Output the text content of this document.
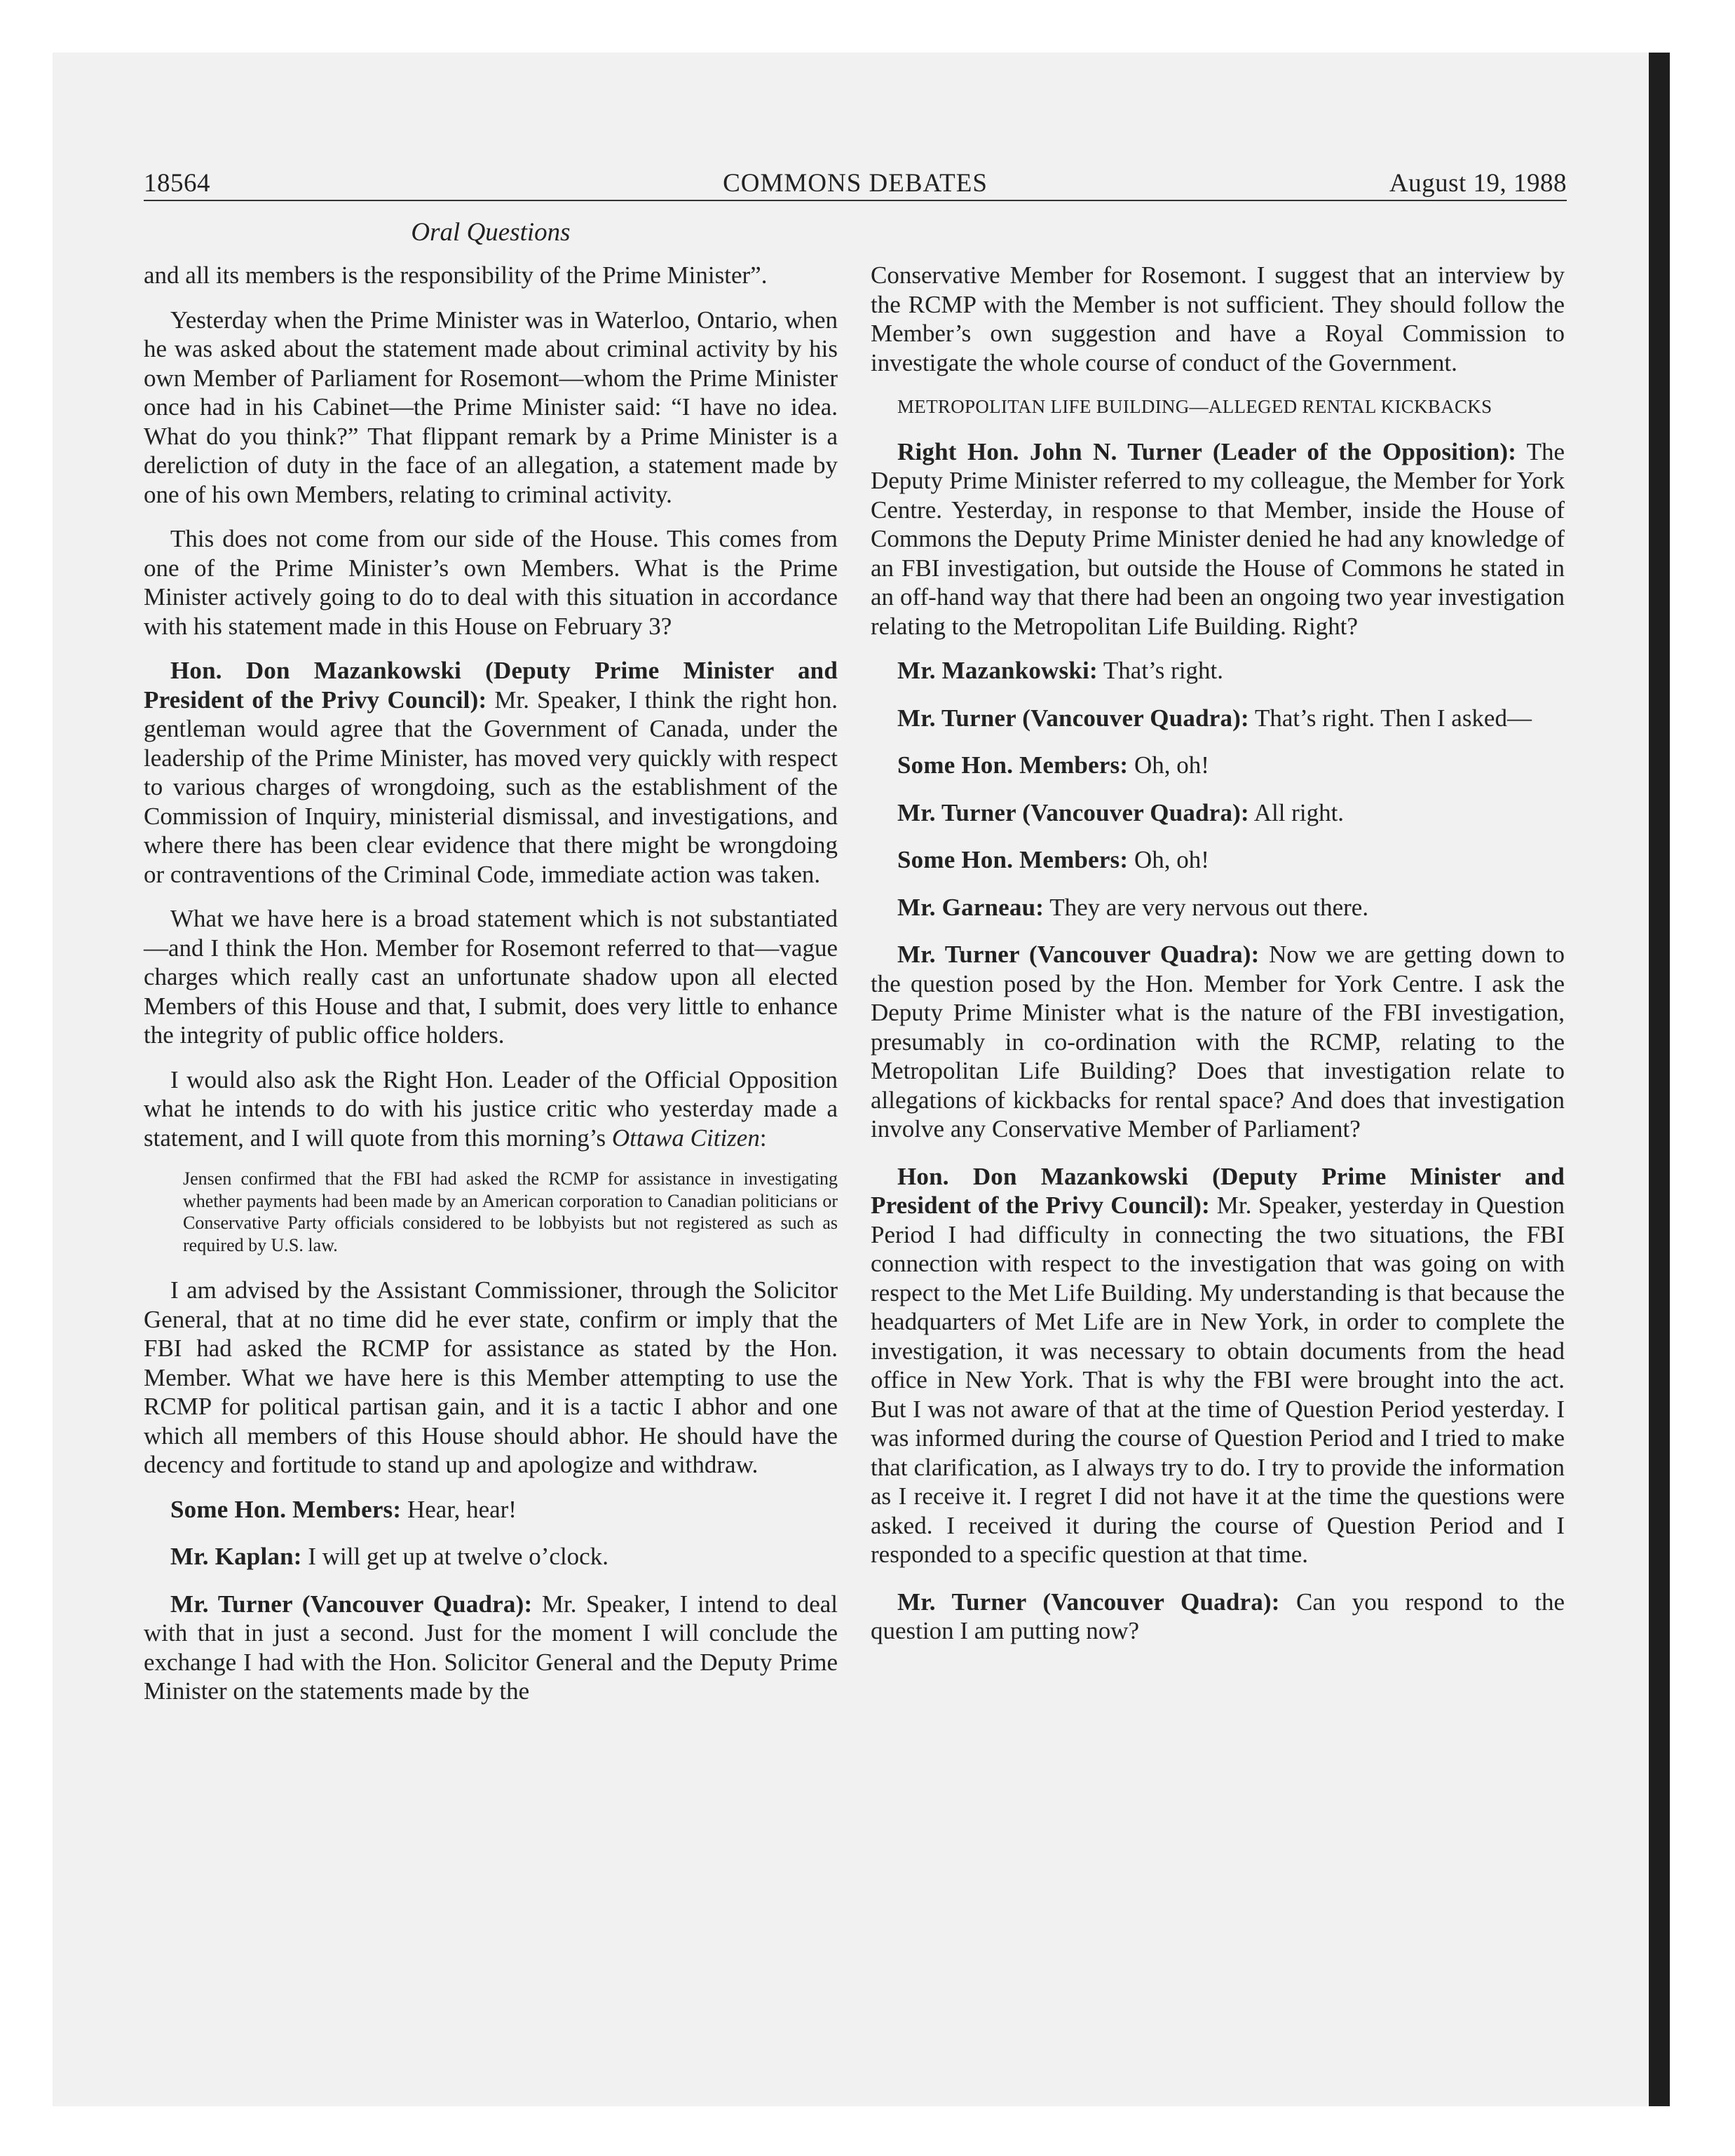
18564	COMMONS DEBATES	August 19, 1988
Oral Questions

and all its members is the responsibility of the Prime Minister”.

Yesterday when the Prime Minister was in Waterloo, Ontario, when he was asked about the statement made about criminal activity by his own Member of Parliament for Rosemont—whom the Prime Minister once had in his Cabinet—the Prime Minister said: “I have no idea. What do you think?” That flippant remark by a Prime Minister is a dereliction of duty in the face of an allegation, a statement made by one of his own Members, relating to criminal activity.

This does not come from our side of the House. This comes from one of the Prime Minister’s own Members. What is the Prime Minister actively going to do to deal with this situation in accordance with his statement made in this House on February 3?

Hon. Don Mazankowski (Deputy Prime Minister and President of the Privy Council): Mr. Speaker, I think the right hon. gentleman would agree that the Government of Canada, under the leadership of the Prime Minister, has moved very quickly with respect to various charges of wrongdoing, such as the establishment of the Commission of Inquiry, ministerial dismissal, and investigations, and where there has been clear evidence that there might be wrongdoing or contraventions of the Criminal Code, immediate action was taken.

What we have here is a broad statement which is not substantiated—and I think the Hon. Member for Rosemont referred to that—vague charges which really cast an unfortunate shadow upon all elected Members of this House and that, I submit, does very little to enhance the integrity of public office holders.

I would also ask the Right Hon. Leader of the Official Opposition what he intends to do with his justice critic who yesterday made a statement, and I will quote from this morning’s Ottawa Citizen:

Jensen confirmed that the FBI had asked the RCMP for assistance in investigating whether payments had been made by an American corporation to Canadian politicians or Conservative Party officials considered to be lobbyists but not registered as such as required by U.S. law.

I am advised by the Assistant Commissioner, through the Solicitor General, that at no time did he ever state, confirm or imply that the FBI had asked the RCMP for assistance as stated by the Hon. Member. What we have here is this Member attempting to use the RCMP for political partisan gain, and it is a tactic I abhor and one which all members of this House should abhor. He should have the decency and fortitude to stand up and apologize and withdraw.

Some Hon. Members: Hear, hear!

Mr. Kaplan: I will get up at twelve o’clock.

Mr. Turner (Vancouver Quadra): Mr. Speaker, I intend to deal with that in just a second. Just for the moment I will conclude the exchange I had with the Hon. Solicitor General and the Deputy Prime Minister on the statements made by the

Conservative Member for Rosemont. I suggest that an interview by the RCMP with the Member is not sufficient. They should follow the Member’s own suggestion and have a Royal Commission to investigate the whole course of conduct of the Government.

METROPOLITAN LIFE BUILDING—ALLEGED RENTAL KICKBACKS

Right Hon. John N. Turner (Leader of the Opposition): The Deputy Prime Minister referred to my colleague, the Member for York Centre. Yesterday, in response to that Member, inside the House of Commons the Deputy Prime Minister denied he had any knowledge of an FBI investigation, but outside the House of Commons he stated in an off-hand way that there had been an ongoing two year investigation relating to the Metropolitan Life Building. Right?

Mr. Mazankowski: That’s right.

Mr. Turner (Vancouver Quadra): That’s right. Then I asked—

Some Hon. Members: Oh, oh!

Mr. Turner (Vancouver Quadra): All right.

Some Hon. Members: Oh, oh!

Mr. Garneau: They are very nervous out there.

Mr. Turner (Vancouver Quadra): Now we are getting down to the question posed by the Hon. Member for York Centre. I ask the Deputy Prime Minister what is the nature of the FBI investigation, presumably in co-ordination with the RCMP, relating to the Metropolitan Life Building? Does that investigation relate to allegations of kickbacks for rental space? And does that investigation involve any Conservative Member of Parliament?

Hon. Don Mazankowski (Deputy Prime Minister and President of the Privy Council): Mr. Speaker, yesterday in Question Period I had difficulty in connecting the two situations, the FBI connection with respect to the investigation that was going on with respect to the Met Life Building. My understanding is that because the headquarters of Met Life are in New York, in order to complete the investigation, it was necessary to obtain documents from the head office in New York. That is why the FBI were brought into the act. But I was not aware of that at the time of Question Period yesterday. I was informed during the course of Question Period and I tried to make that clarification, as I always try to do. I try to provide the information as I receive it. I regret I did not have it at the time the questions were asked. I received it during the course of Question Period and I responded to a specific question at that time.

Mr. Turner (Vancouver Quadra): Can you respond to the question I am putting now?
